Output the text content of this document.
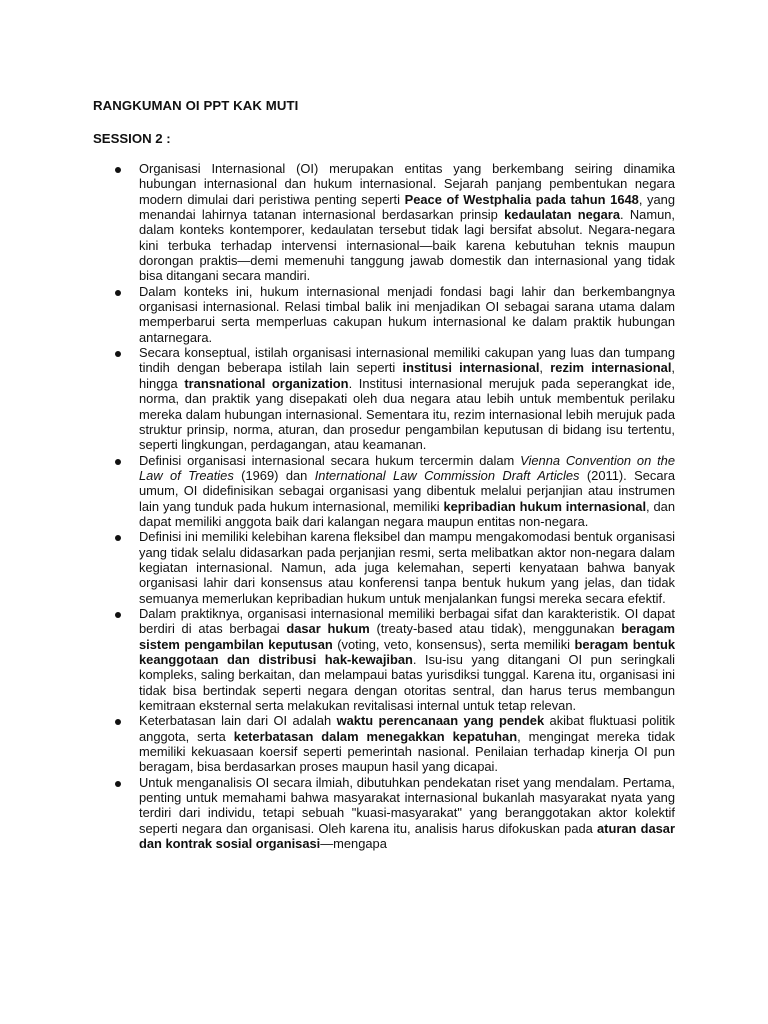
RANGKUMAN OI PPT KAK MUTI

SESSION 2 :

Organisasi Internasional (OI) merupakan entitas yang berkembang seiring dinamika hubungan internasional dan hukum internasional. Sejarah panjang pembentukan negara modern dimulai dari peristiwa penting seperti Peace of Westphalia pada tahun 1648, yang menandai lahirnya tatanan internasional berdasarkan prinsip kedaulatan negara. Namun, dalam konteks kontemporer, kedaulatan tersebut tidak lagi bersifat absolut. Negara-negara kini terbuka terhadap intervensi internasional—baik karena kebutuhan teknis maupun dorongan praktis—demi memenuhi tanggung jawab domestik dan internasional yang tidak bisa ditangani secara mandiri.
Dalam konteks ini, hukum internasional menjadi fondasi bagi lahir dan berkembangnya organisasi internasional. Relasi timbal balik ini menjadikan OI sebagai sarana utama dalam memperbarui serta memperluas cakupan hukum internasional ke dalam praktik hubungan antarnegara.
Secara konseptual, istilah organisasi internasional memiliki cakupan yang luas dan tumpang tindih dengan beberapa istilah lain seperti institusi internasional, rezim internasional, hingga transnational organization. Institusi internasional merujuk pada seperangkat ide, norma, dan praktik yang disepakati oleh dua negara atau lebih untuk membentuk perilaku mereka dalam hubungan internasional. Sementara itu, rezim internasional lebih merujuk pada struktur prinsip, norma, aturan, dan prosedur pengambilan keputusan di bidang isu tertentu, seperti lingkungan, perdagangan, atau keamanan.
Definisi organisasi internasional secara hukum tercermin dalam Vienna Convention on the Law of Treaties (1969) dan International Law Commission Draft Articles (2011). Secara umum, OI didefinisikan sebagai organisasi yang dibentuk melalui perjanjian atau instrumen lain yang tunduk pada hukum internasional, memiliki kepribadian hukum internasional, dan dapat memiliki anggota baik dari kalangan negara maupun entitas non-negara.
Definisi ini memiliki kelebihan karena fleksibel dan mampu mengakomodasi bentuk organisasi yang tidak selalu didasarkan pada perjanjian resmi, serta melibatkan aktor non-negara dalam kegiatan internasional. Namun, ada juga kelemahan, seperti kenyataan bahwa banyak organisasi lahir dari konsensus atau konferensi tanpa bentuk hukum yang jelas, dan tidak semuanya memerlukan kepribadian hukum untuk menjalankan fungsi mereka secara efektif.
Dalam praktiknya, organisasi internasional memiliki berbagai sifat dan karakteristik. OI dapat berdiri di atas berbagai dasar hukum (treaty-based atau tidak), menggunakan beragam sistem pengambilan keputusan (voting, veto, konsensus), serta memiliki beragam bentuk keanggotaan dan distribusi hak-kewajiban. Isu-isu yang ditangani OI pun seringkali kompleks, saling berkaitan, dan melampaui batas yurisdiksi tunggal. Karena itu, organisasi ini tidak bisa bertindak seperti negara dengan otoritas sentral, dan harus terus membangun kemitraan eksternal serta melakukan revitalisasi internal untuk tetap relevan.
Keterbatasan lain dari OI adalah waktu perencanaan yang pendek akibat fluktuasi politik anggota, serta keterbatasan dalam menegakkan kepatuhan, mengingat mereka tidak memiliki kekuasaan koersif seperti pemerintah nasional. Penilaian terhadap kinerja OI pun beragam, bisa berdasarkan proses maupun hasil yang dicapai.
Untuk menganalisis OI secara ilmiah, dibutuhkan pendekatan riset yang mendalam. Pertama, penting untuk memahami bahwa masyarakat internasional bukanlah masyarakat nyata yang terdiri dari individu, tetapi sebuah "kuasi-masyarakat" yang beranggotakan aktor kolektif seperti negara dan organisasi. Oleh karena itu, analisis harus difokuskan pada aturan dasar dan kontrak sosial organisasi—mengapa
